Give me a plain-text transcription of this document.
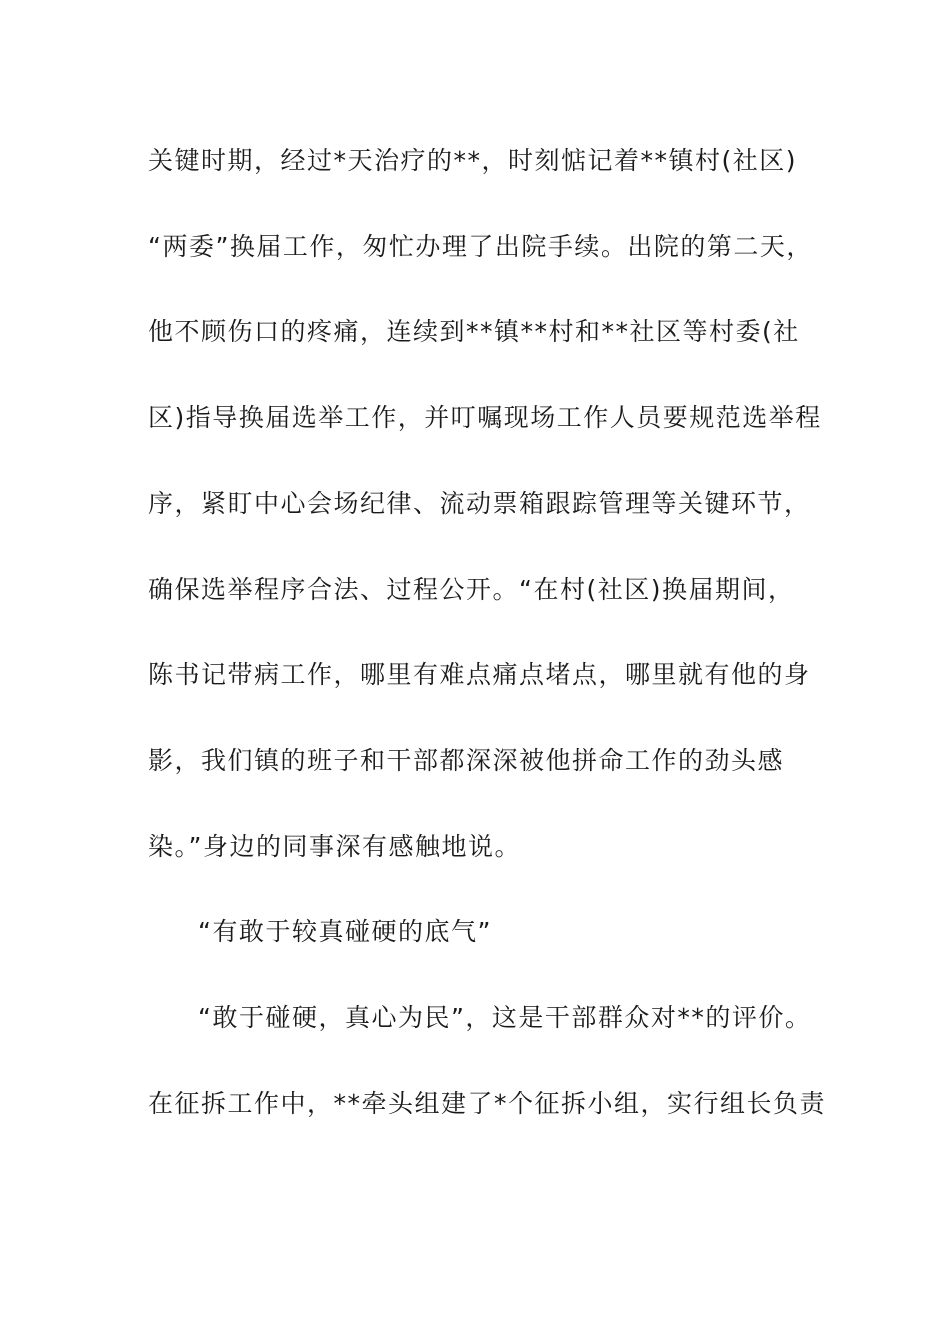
关键时期，经过*天治疗的**，时刻惦记着**镇村(社区)
“两委”换届工作，匆忙办理了出院手续。出院的第二天，
他不顾伤口的疼痛，连续到**镇**村和**社区等村委(社
区)指导换届选举工作，并叮嘱现场工作人员要规范选举程
序，紧盯中心会场纪律、流动票箱跟踪管理等关键环节，
确保选举程序合法、过程公开。“在村(社区)换届期间，
陈书记带病工作，哪里有难点痛点堵点，哪里就有他的身
影，我们镇的班子和干部都深深被他拼命工作的劲头感
染。”身边的同事深有感触地说。
“有敢于较真碰硬的底气”
“敢于碰硬，真心为民”，这是干部群众对**的评价。
在征拆工作中，**牵头组建了*个征拆小组，实行组长负责
